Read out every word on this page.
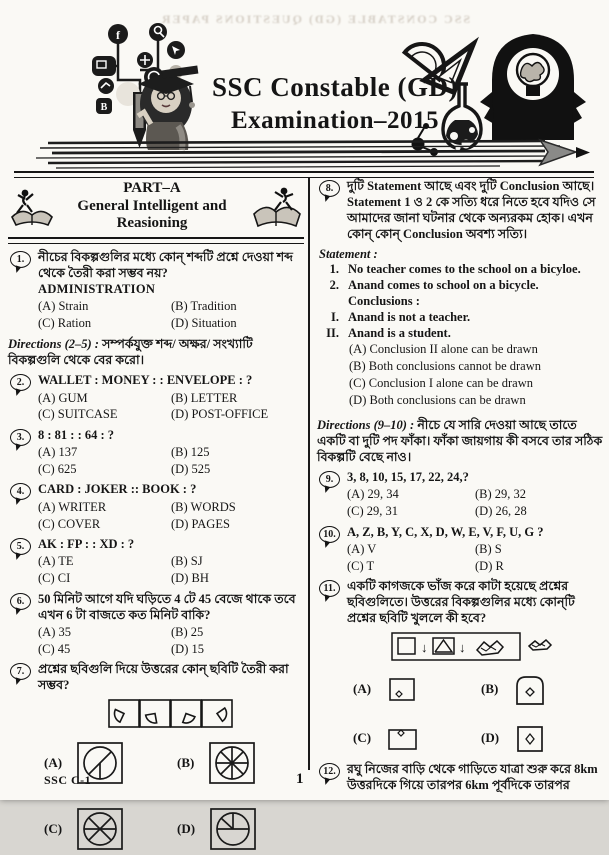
SSC CONSTABLE (GD) QUESTIONS PAPER
f
B
SSC Constable (GD)
Examination–2015
PART–A
General Intelligent and
Reasioning
1.	নীচের বিকল্পগুলির মধ্যে কোন্ শব্দটি প্রশ্নে দেওয়া শব্দ থেকে তৈরী করা সম্ভব নয়?
ADMINISTRATION
(A) Strain	(B) Tradition
(C) Ration	(D) Situation
Directions (2–5) : সম্পর্কযুক্ত শব্দ/ অক্ষর/ সংখ্যাটি বিকল্পগুলি থেকে বের করো।
2.	WALLET : MONEY : : ENVELOPE : ?
(A) GUM	(B) LETTER
(C) SUITCASE	(D) POST-OFFICE
3.	8 : 81 : : 64 : ?
(A) 137	(B) 125
(C) 625	(D) 525
4.	CARD : JOKER :: BOOK : ?
(A) WRITER	(B) WORDS
(C) COVER	(D) PAGES
5.	AK : FP : : XD : ?
(A) TE	(B) SJ
(C) CI	(D) BH
6.	50 মিনিট আগে যদি ঘড়িতে 4 টে 45 বেজে থাকে তবে এখন 6 টা বাজতে কত মিনিট বাকি?
(A) 35	(B) 25
(C) 45	(D) 15
7.	প্রশ্নের ছবিগুলি দিয়ে উত্তরের কোন্ ছবিটি তৈরী করা সম্ভব?
(A)	(B)
(C)	(D)
8.	দুটি Statement আছে এবং দুটি Conclusion আছে। Statement 1 ও 2 কে সত্যি ধরে নিতে হবে যদিও সে আমাদের জানা ঘটনার থেকে অন্যরকম হোক। এখন কোন্ কোন্ Conclusion অবশ্য সত্যি।
Statement :
1. No teacher comes to the school on a bicyloe.
2. Anand comes to school on a bicycle.
Conclusions :
I. Anand is not a teacher.
II. Anand is a student.
(A) Conclusion II alone can be drawn
(B) Both conclusions cannot be drawn
(C) Conclusion I alone can be drawn
(D) Both conclusions can be drawn
Directions (9–10) : নীচে যে সারি দেওয়া আছে তাতে একটি বা দুটি পদ ফাঁকা। ফাঁকা জায়গায় কী বসবে তার সঠিক বিকল্পটি বেছে নাও।
9.	3, 8, 10, 15, 17, 22, 24,?
(A) 29, 34	(B) 29, 32
(C) 29, 31	(D) 26, 28
10. A, Z, B, Y, C, X, D, W, E, V, F, U, G ?
(A) V	(B) S
(C) T	(D) R
11. একটি কাগজকে ভাঁজ করে কাটা হয়েছে প্রশ্নের ছবিগুলিতে। উত্তরের বিকল্পগুলির মধ্যে কোন্‌টি প্রশ্নের ছবিটি খুললে কী হবে?
↓ ↓
(A)	(B)
(C)	(D)
12. রঘু নিজের বাড়ি থেকে গাড়িতে যাত্রা শুরু করে 8km উত্তরদিকে গিয়ে তারপর 6km পূর্বদিকে তারপর
SSC C-1	1
